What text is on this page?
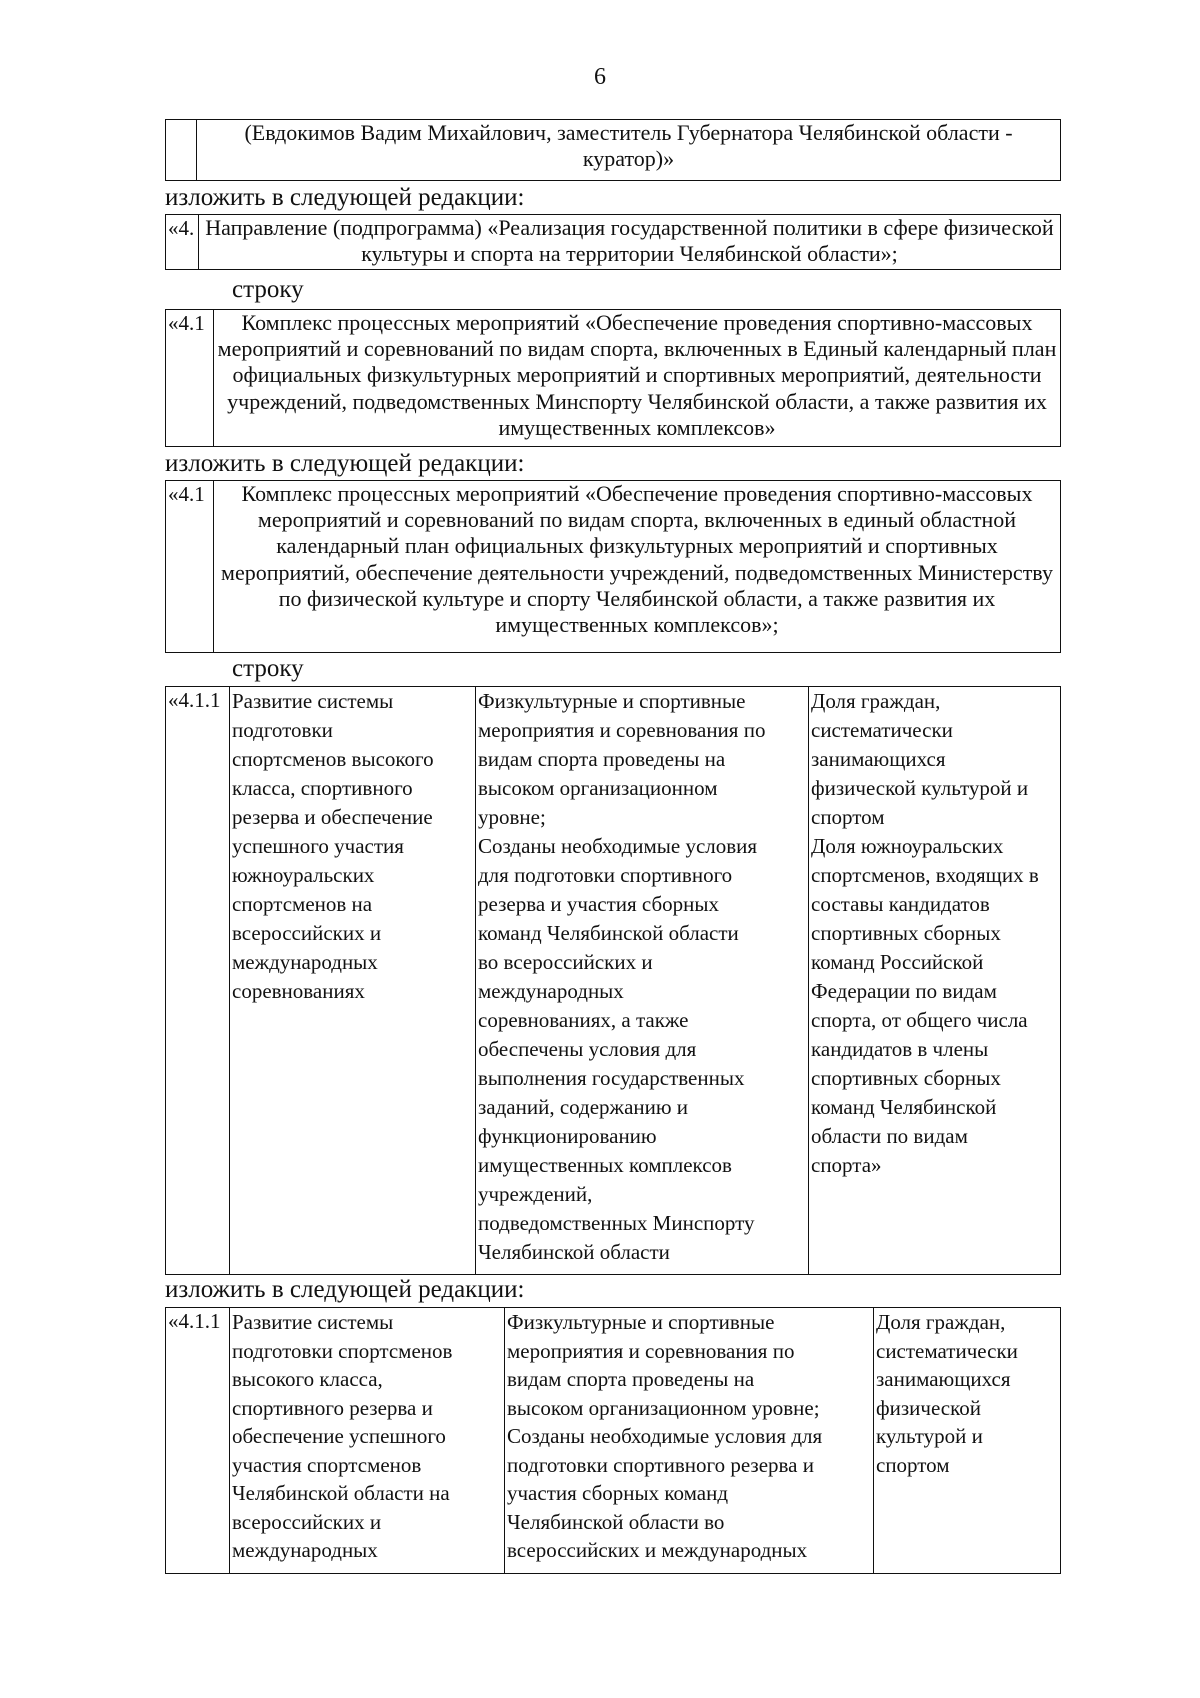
6
	(Евдокимов Вадим Михайлович, заместитель Губернатора Челябинской области - куратор)»
изложить в следующей редакции:
«4.	Направление (подпрограмма) «Реализация государственной политики в сфере физической культуры и спорта на территории Челябинской области»;
строку
«4.1	Комплекс процессных мероприятий «Обеспечение проведения спортивно-массовых мероприятий и соревнований по видам спорта, включенных в Единый календарный план официальных физкультурных мероприятий и спортивных мероприятий, деятельности учреждений, подведомственных Минспорту Челябинской области, а также развития их имущественных комплексов»
изложить в следующей редакции:
«4.1	Комплекс процессных мероприятий «Обеспечение проведения спортивно-массовых мероприятий и соревнований по видам спорта, включенных в единый областной календарный план официальных физкультурных мероприятий и спортивных мероприятий, обеспечение деятельности учреждений, подведомственных Министерству по физической культуре и спорту Челябинской области, а также развития их имущественных комплексов»;
строку
«4.1.1	Развитие системы
подготовки
спортсменов высокого
класса, спортивного
резерва и обеспечение
успешного участия
южноуральских
спортсменов на
всероссийских и
международных
соревнованиях	Физкультурные и спортивные
мероприятия и соревнования по
видам спорта проведены на
высоком организационном
уровне;
Созданы необходимые условия
для подготовки спортивного
резерва и участия сборных
команд Челябинской области
во всероссийских и
международных
соревнованиях, а также
обеспечены условия для
выполнения государственных
заданий, содержанию и
функционированию
имущественных комплексов
учреждений,
подведомственных Минспорту
Челябинской области	Доля граждан,
систематически
занимающихся
физической культурой и
спортом
Доля южноуральских
спортсменов, входящих в
составы кандидатов
спортивных сборных
команд Российской
Федерации по видам
спорта, от общего числа
кандидатов в члены
спортивных сборных
команд Челябинской
области по видам
спорта»
изложить в следующей редакции:
«4.1.1	Развитие системы
подготовки спортсменов
высокого класса,
спортивного резерва и
обеспечение успешного
участия спортсменов
Челябинской области на
всероссийских и
международных	Физкультурные и спортивные
мероприятия и соревнования по
видам спорта проведены на
высоком организационном уровне;
Созданы необходимые условия для
подготовки спортивного резерва и
участия сборных команд
Челябинской области во
всероссийских и международных	Доля граждан,
систематически
занимающихся
физической
культурой и
спортом
